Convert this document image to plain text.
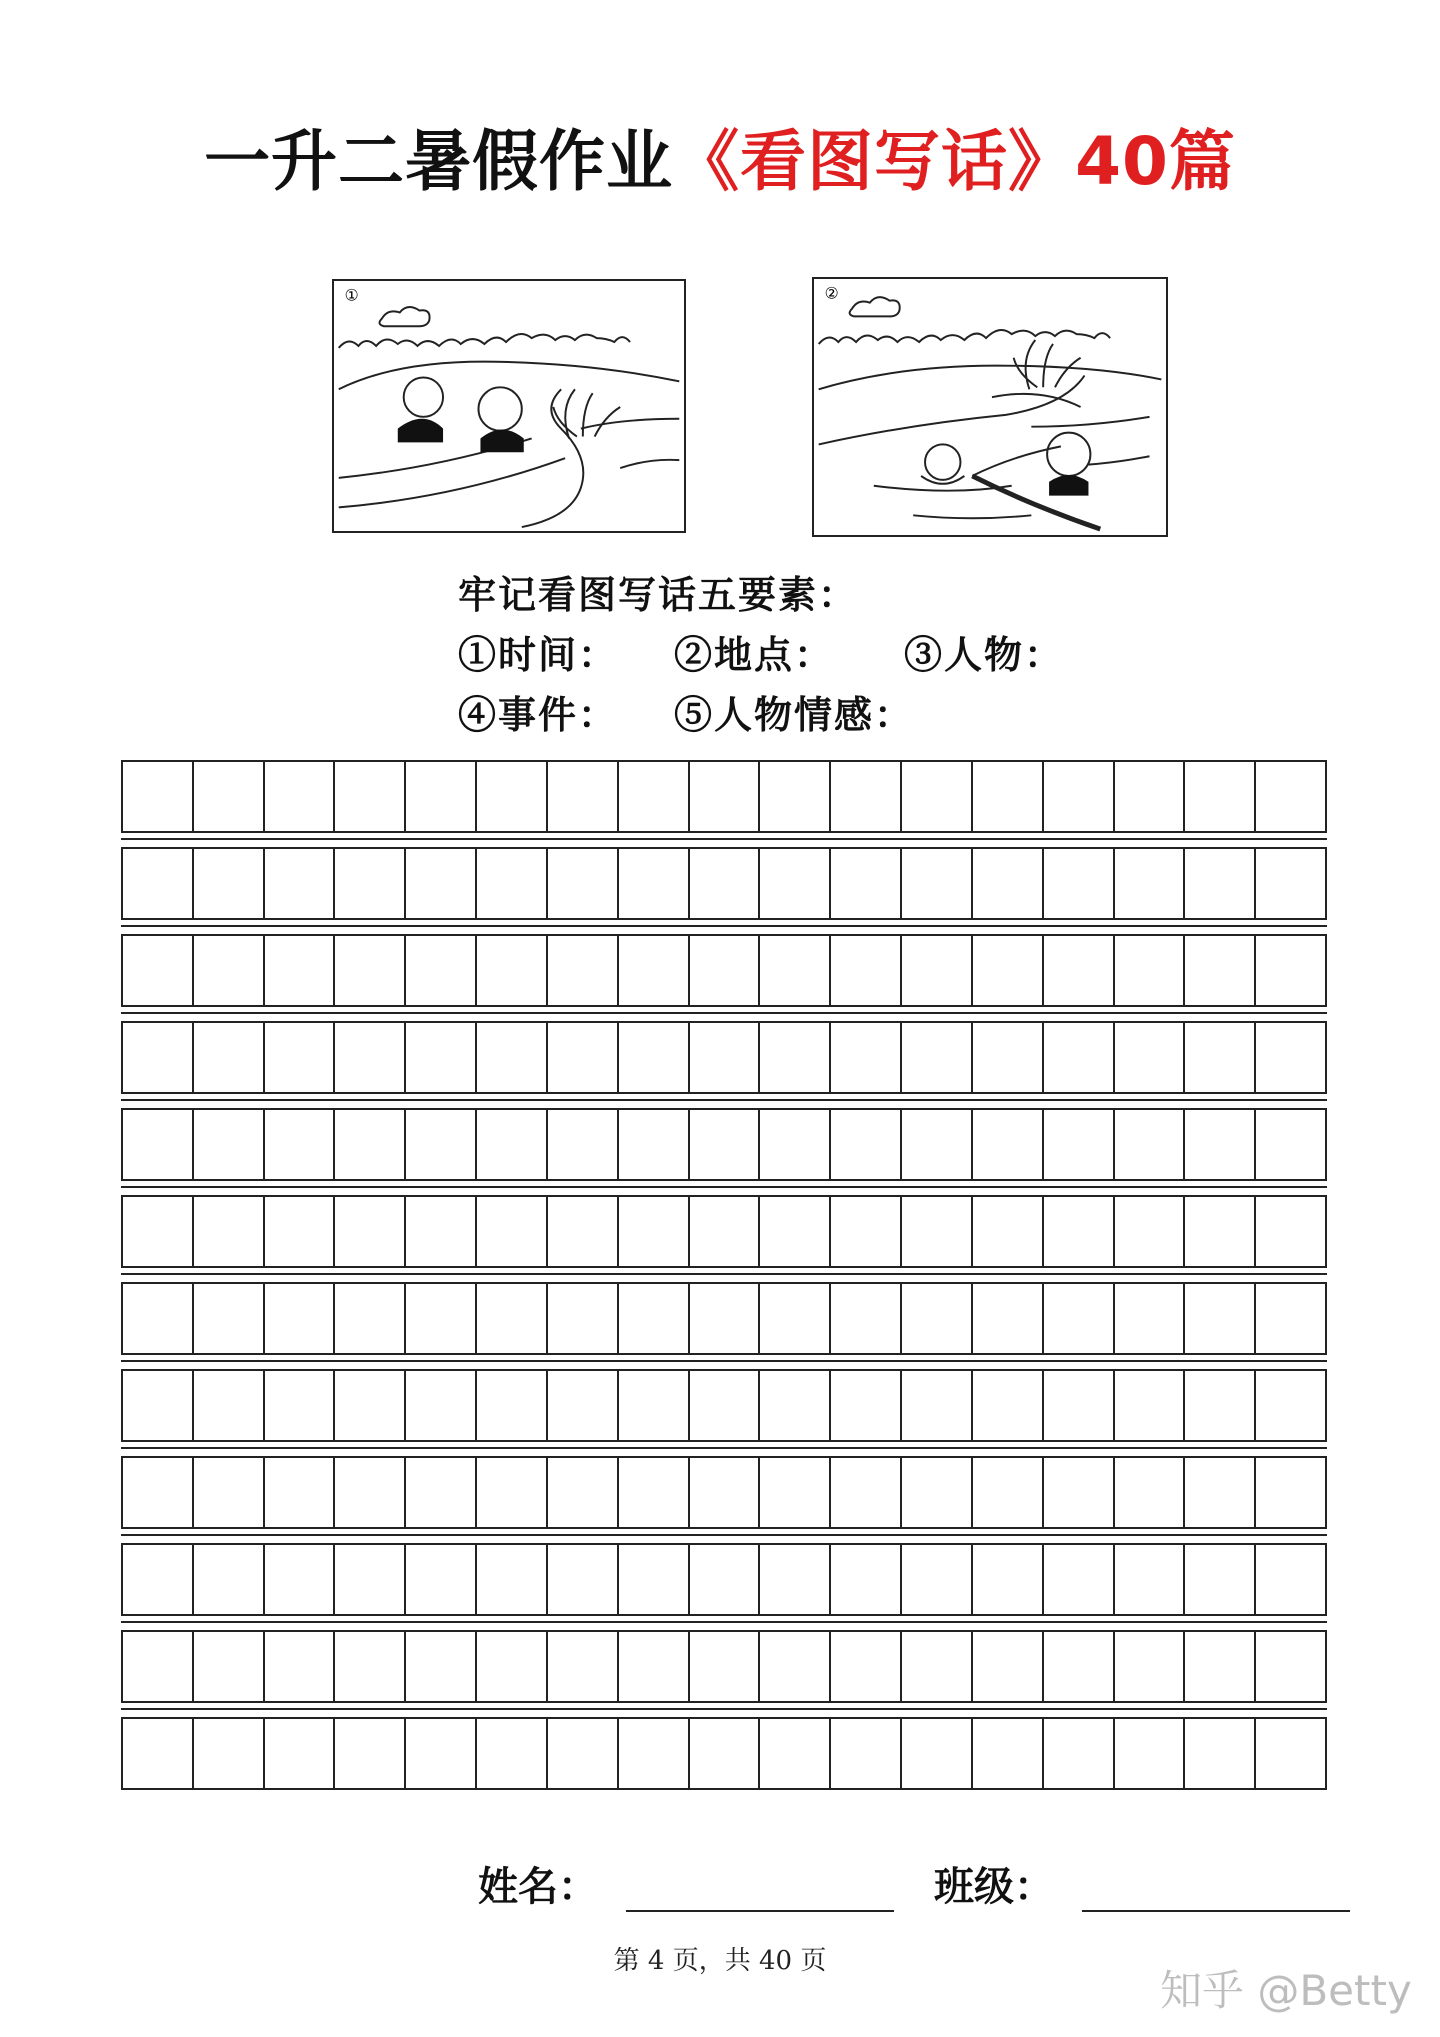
一升二暑假作业《看图写话》40篇
①	②
牢记看图写话五要素：
①时间： ②地点： ③人物：
④事件： ⑤人物情感：
姓名：	班级：
第 4 页，共 40 页
知乎 @Betty
